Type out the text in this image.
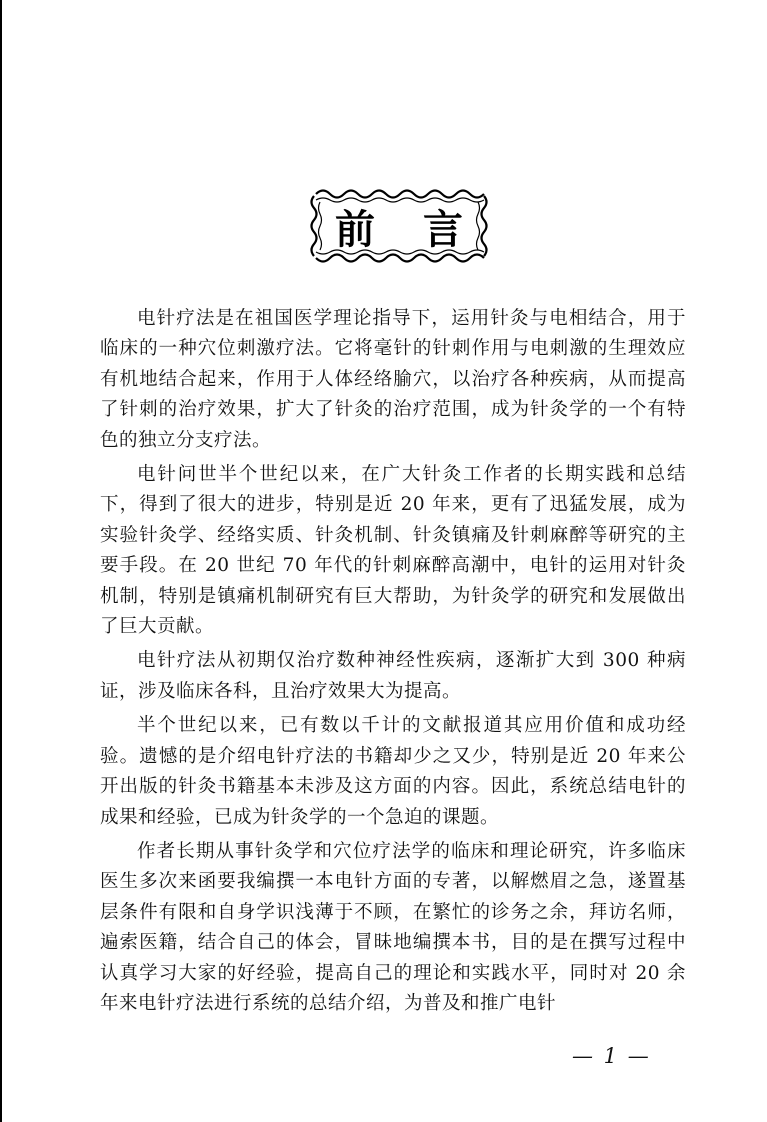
前 言

电针疗法是在祖国医学理论指导下，运用针灸与电相结合，用于临床的一种穴位刺激疗法。它将毫针的针刺作用与电刺激的生理效应有机地结合起来，作用于人体经络腧穴，以治疗各种疾病，从而提高了针刺的治疗效果，扩大了针灸的治疗范围，成为针灸学的一个有特色的独立分支疗法。

电针问世半个世纪以来，在广大针灸工作者的长期实践和总结下，得到了很大的进步，特别是近 20 年来，更有了迅猛发展，成为实验针灸学、经络实质、针灸机制、针灸镇痛及针刺麻醉等研究的主要手段。在 20 世纪 70 年代的针刺麻醉高潮中，电针的运用对针灸机制，特别是镇痛机制研究有巨大帮助，为针灸学的研究和发展做出了巨大贡献。

电针疗法从初期仅治疗数种神经性疾病，逐渐扩大到 300 种病证，涉及临床各科，且治疗效果大为提高。

半个世纪以来，已有数以千计的文献报道其应用价值和成功经验。遗憾的是介绍电针疗法的书籍却少之又少，特别是近 20 年来公开出版的针灸书籍基本未涉及这方面的内容。因此，系统总结电针的成果和经验，已成为针灸学的一个急迫的课题。

作者长期从事针灸学和穴位疗法学的临床和理论研究，许多临床医生多次来函要我编撰一本电针方面的专著，以解燃眉之急，遂置基层条件有限和自身学识浅薄于不顾，在繁忙的诊务之余，拜访名师，遍索医籍，结合自己的体会，冒昧地编撰本书，目的是在撰写过程中认真学习大家的好经验，提高自己的理论和实践水平，同时对 20 余年来电针疗法进行系统的总结介绍，为普及和推广电针

— 1 —
